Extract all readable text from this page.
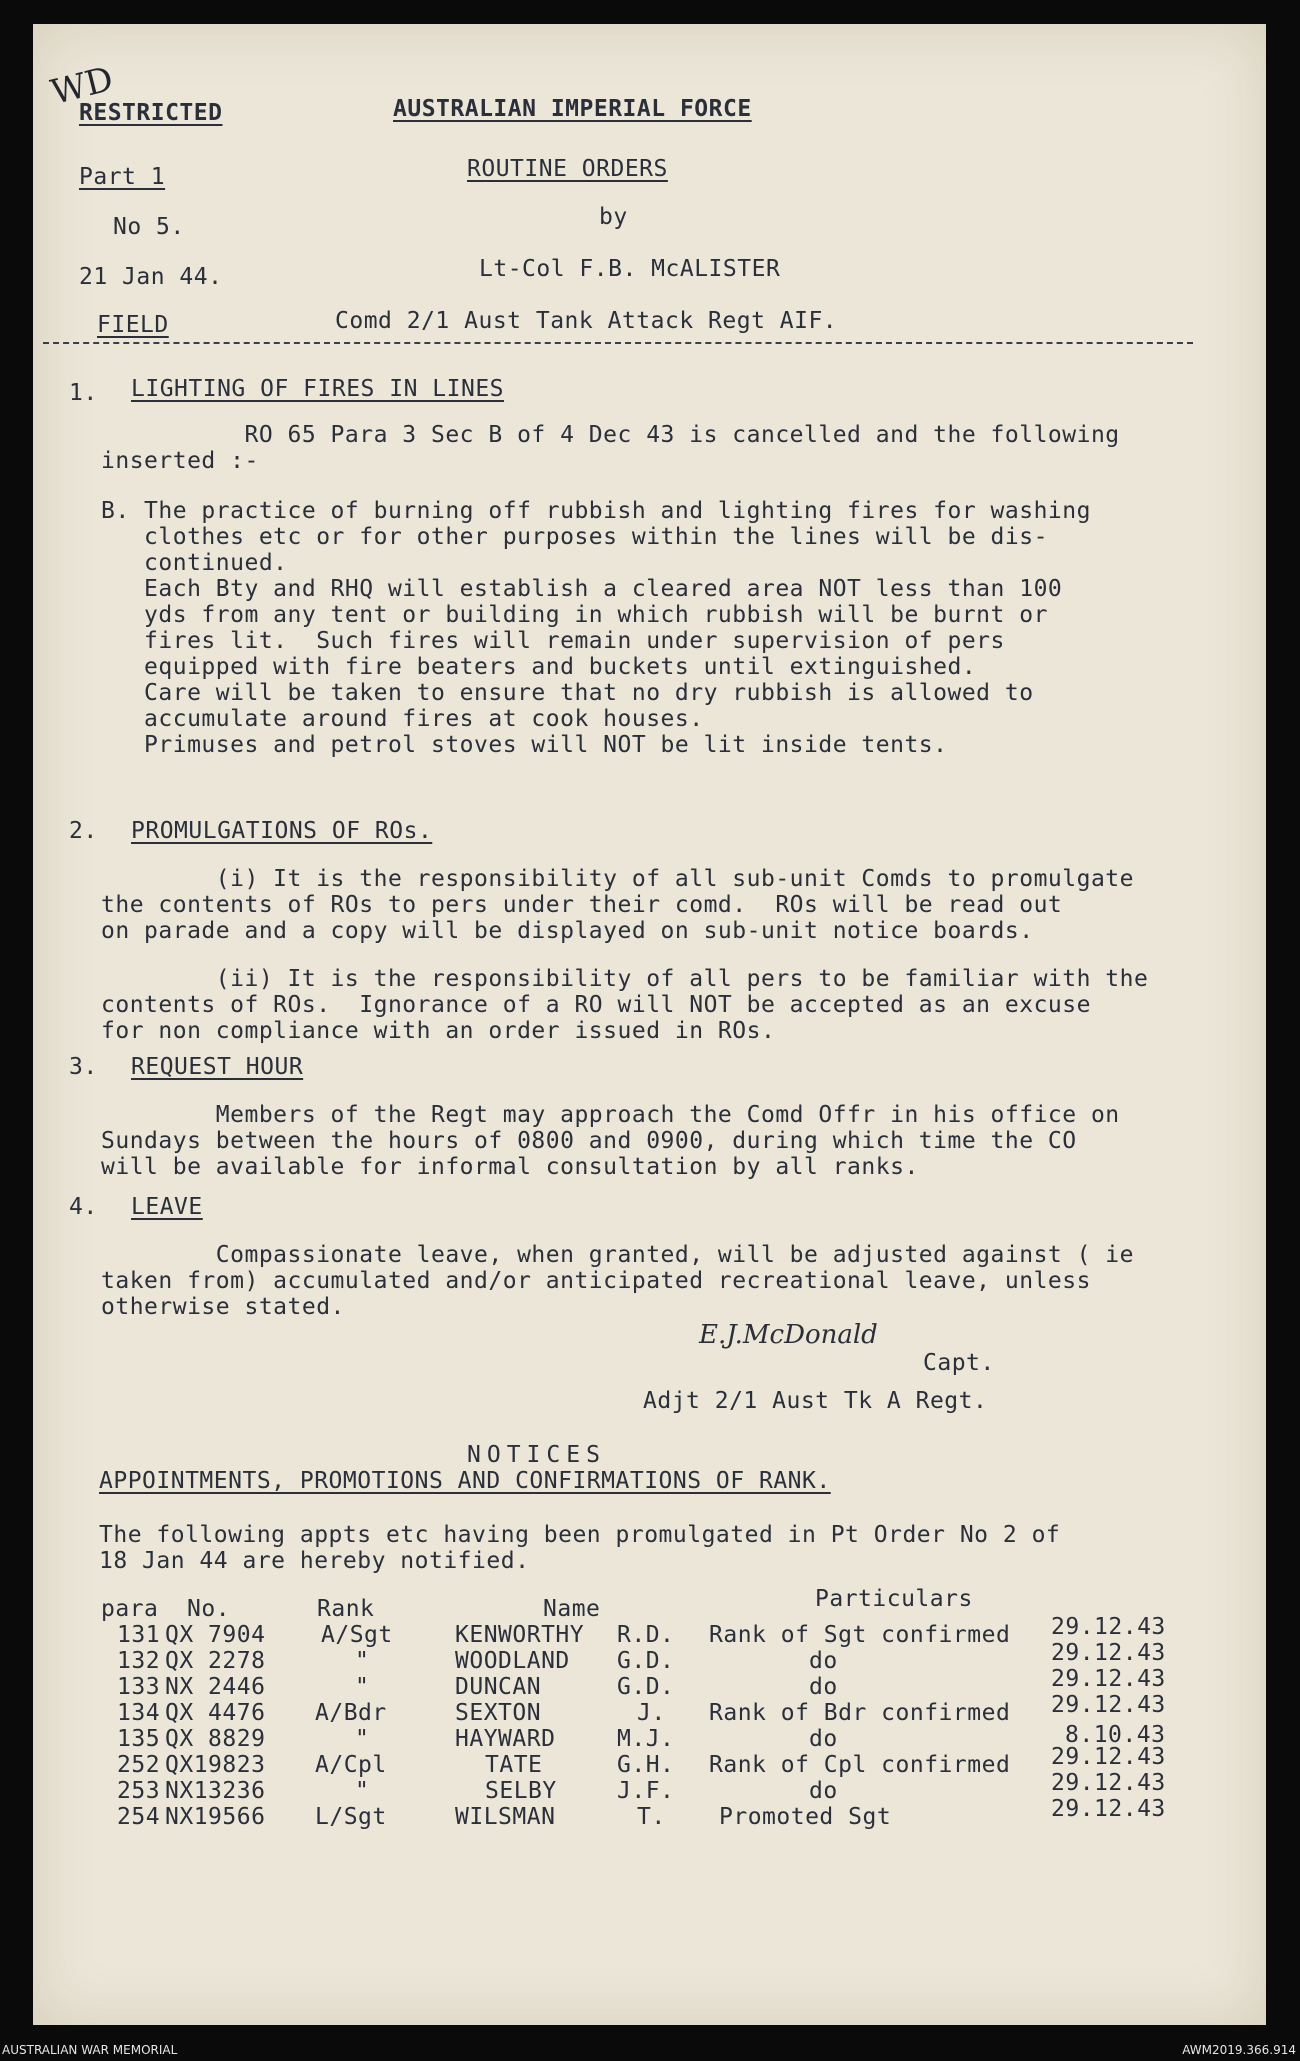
WD
RESTRICTED	AUSTRALIAN IMPERIAL FORCE
Part 1	ROUTINE ORDERS
by
No 5.
21 Jan 44.	Lt-Col F.B. McALISTER
FIELD	Comd 2/1 Aust Tank Attack Regt AIF.
1. LIGHTING OF FIRES IN LINES
RO 65 Para 3 Sec B of 4 Dec 43 is cancelled and the following
inserted :-
B. The practice of burning off rubbish and lighting fires for washing
clothes etc or for other purposes within the lines will be dis-
continued.
Each Bty and RHQ will establish a cleared area NOT less than 100
yds from any tent or building in which rubbish will be burnt or
fires lit.  Such fires will remain under supervision of pers
equipped with fire beaters and buckets until extinguished.
Care will be taken to ensure that no dry rubbish is allowed to
accumulate around fires at cook houses.
Primuses and petrol stoves will NOT be lit inside tents.
2. PROMULGATIONS OF ROs.
(i) It is the responsibility of all sub-unit Comds to promulgate
the contents of ROs to pers under their comd.  ROs will be read out
on parade and a copy will be displayed on sub-unit notice boards.
(ii) It is the responsibility of all pers to be familiar with the
contents of ROs.  Ignorance of a RO will NOT be accepted as an excuse
for non compliance with an order issued in ROs.
3. REQUEST HOUR
Members of the Regt may approach the Comd Offr in his office on
Sundays between the hours of 0800 and 0900, during which time the CO
will be available for informal consultation by all ranks.
4. LEAVE
Compassionate leave, when granted, will be adjusted against ( ie
taken from) accumulated and/or anticipated recreational leave, unless
otherwise stated.
E.J.McDonald
Capt.
Adjt 2/1 Aust Tk A Regt.
NOTICES
APPOINTMENTS, PROMOTIONS AND CONFIRMATIONS OF RANK.
The following appts etc having been promulgated in Pt Order No 2 of
18 Jan 44 are hereby notified.
para No.	Rank	Name	Particulars
131 QX 7904 A/Sgt	KENWORTHY R.D. Rank of Sgt confirmed 29.12.43
132 QX 2278	"	WOODLAND G.D.	do	29.12.43
133 NX 2446	"	DUNCAN	G.D.	do	29.12.43
134 QX 4476 A/Bdr	SEXTON	J. Rank of Bdr confirmed 29.12.43
135 QX 8829	"	HAYWARD	M.J.	do	8.10.43
252 QX19823 A/Cpl	TATE	G.H. Rank of Cpl confirmed 29.12.43
253 NX13236	"	SELBY	J.F.	do	29.12.43
254 NX19566 L/Sgt	WILSMAN	T. Promoted Sgt	29.12.43
AUSTRALIAN WAR MEMORIAL	AWM2019.366.914
